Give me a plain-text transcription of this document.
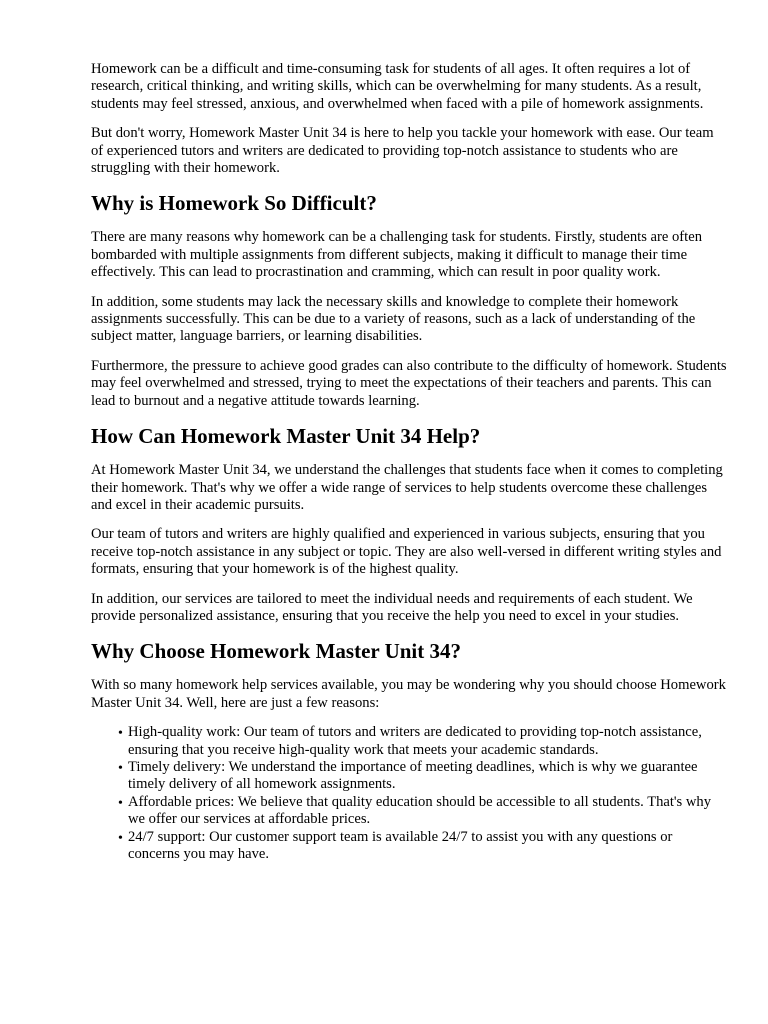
Homework can be a difficult and time-consuming task for students of all ages. It often requires a lot of research, critical thinking, and writing skills, which can be overwhelming for many students. As a result, students may feel stressed, anxious, and overwhelmed when faced with a pile of homework assignments.

But don't worry, Homework Master Unit 34 is here to help you tackle your homework with ease. Our team of experienced tutors and writers are dedicated to providing top-notch assistance to students who are struggling with their homework.

Why is Homework So Difficult?

There are many reasons why homework can be a challenging task for students. Firstly, students are often bombarded with multiple assignments from different subjects, making it difficult to manage their time effectively. This can lead to procrastination and cramming, which can result in poor quality work.

In addition, some students may lack the necessary skills and knowledge to complete their homework assignments successfully. This can be due to a variety of reasons, such as a lack of understanding of the subject matter, language barriers, or learning disabilities.

Furthermore, the pressure to achieve good grades can also contribute to the difficulty of homework. Students may feel overwhelmed and stressed, trying to meet the expectations of their teachers and parents. This can lead to burnout and a negative attitude towards learning.

How Can Homework Master Unit 34 Help?

At Homework Master Unit 34, we understand the challenges that students face when it comes to completing their homework. That's why we offer a wide range of services to help students overcome these challenges and excel in their academic pursuits.

Our team of tutors and writers are highly qualified and experienced in various subjects, ensuring that you receive top-notch assistance in any subject or topic. They are also well-versed in different writing styles and formats, ensuring that your homework is of the highest quality.

In addition, our services are tailored to meet the individual needs and requirements of each student. We provide personalized assistance, ensuring that you receive the help you need to excel in your studies.

Why Choose Homework Master Unit 34?

With so many homework help services available, you may be wondering why you should choose Homework Master Unit 34. Well, here are just a few reasons:

• High-quality work: Our team of tutors and writers are dedicated to providing top-notch assistance, ensuring that you receive high-quality work that meets your academic standards.
• Timely delivery: We understand the importance of meeting deadlines, which is why we guarantee timely delivery of all homework assignments.
• Affordable prices: We believe that quality education should be accessible to all students. That's why we offer our services at affordable prices.
• 24/7 support: Our customer support team is available 24/7 to assist you with any questions or concerns you may have.
